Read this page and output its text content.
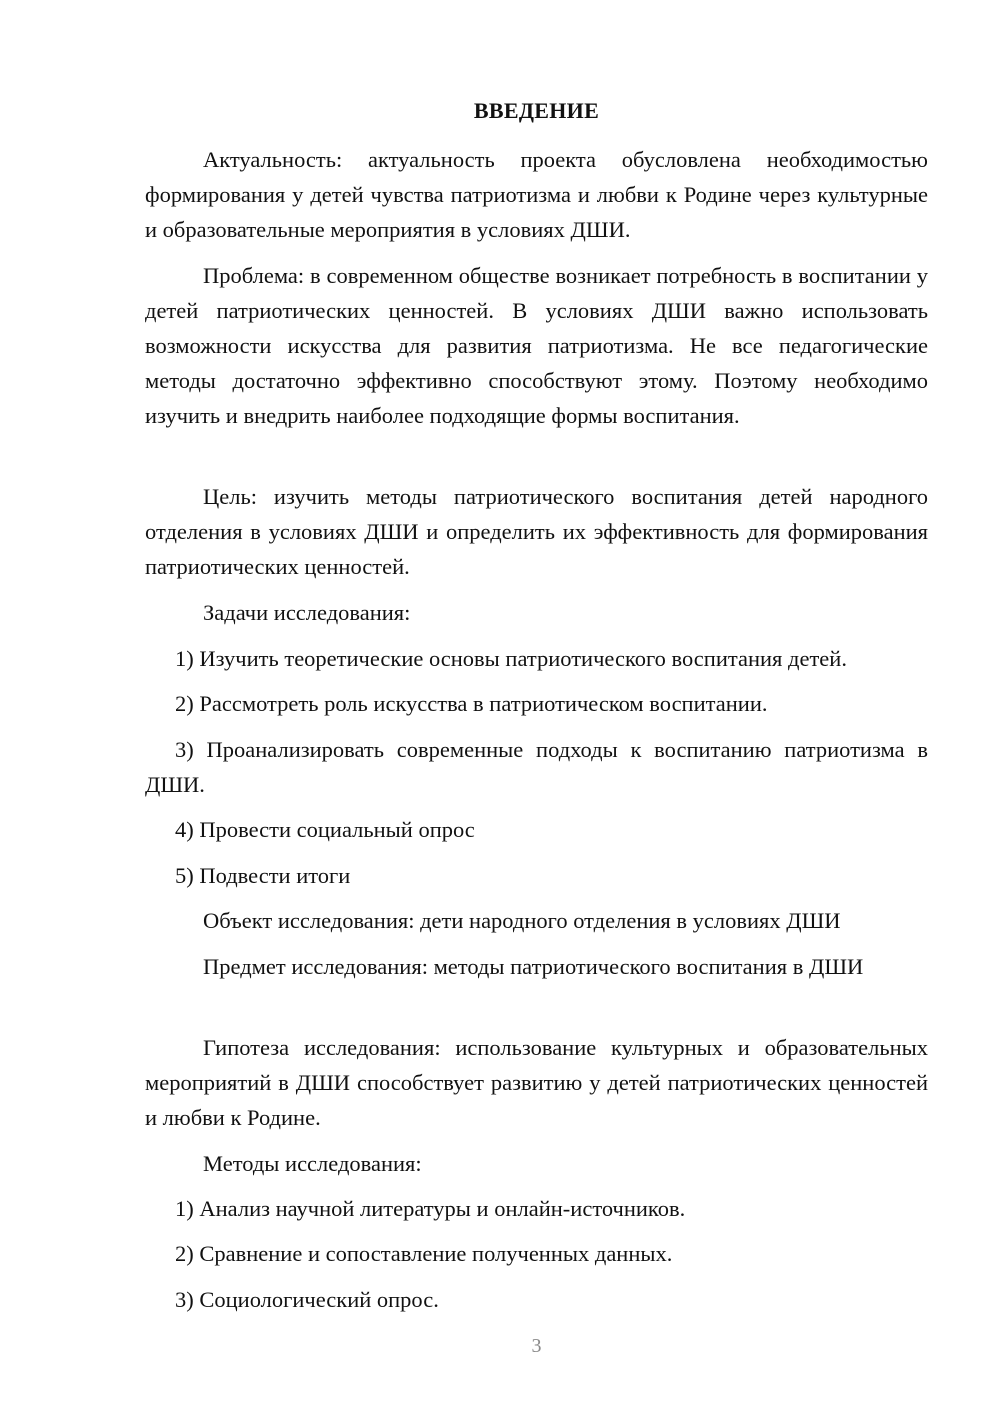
ВВЕДЕНИЕ

Актуальность: актуальность проекта обусловлена необходимостью формирования у детей чувства патриотизма и любви к Родине через культурные и образовательные мероприятия в условиях ДШИ.

Проблема: в современном обществе возникает потребность в воспитании у детей патриотических ценностей. В условиях ДШИ важно использовать возможности искусства для развития патриотизма. Не все педагогические методы достаточно эффективно способствуют этому. Поэтому необходимо изучить и внедрить наиболее подходящие формы воспитания.

Цель: изучить методы патриотического воспитания детей народного отделения в условиях ДШИ и определить их эффективность для формирования патриотических ценностей.

Задачи исследования:

1) Изучить теоретические основы патриотического воспитания детей.

2) Рассмотреть роль искусства в патриотическом воспитании.

3) Проанализировать современные подходы к воспитанию патриотизма в ДШИ.

4) Провести социальный опрос

5) Подвести итоги

Объект исследования: дети народного отделения в условиях ДШИ

Предмет исследования: методы патриотического воспитания в ДШИ

Гипотеза исследования: использование культурных и образовательных мероприятий в ДШИ способствует развитию у детей патриотических ценностей и любви к Родине.

Методы исследования:

1) Анализ научной литературы и онлайн-источников.

2) Сравнение и сопоставление полученных данных.

3) Социологический опрос.

3
